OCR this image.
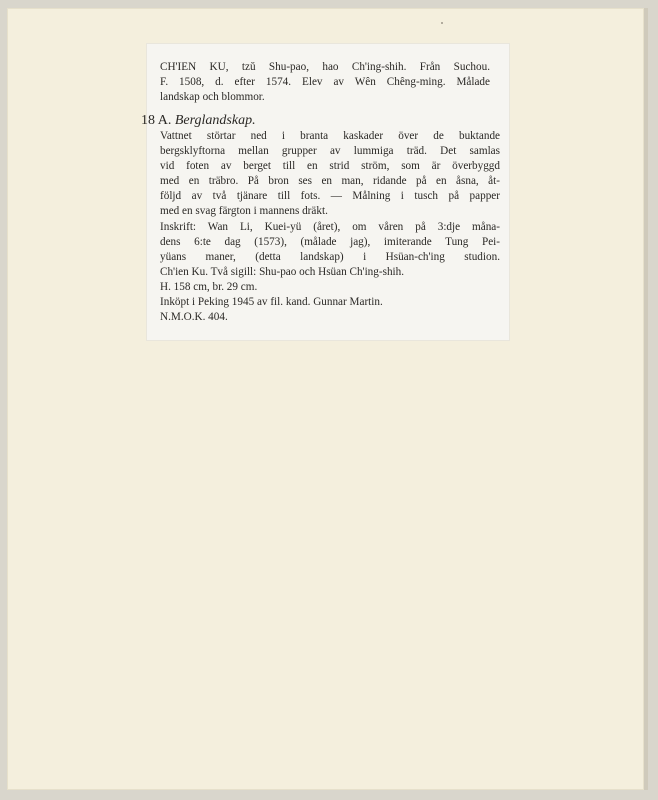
CH'IEN KU, tzŭ Shu-pao, hao Ch'ing-shih. Från Suchou.
F. 1508, d. efter 1574. Elev av Wên Chêng-ming. Målade
landskap och blommor.
18 A. Berglandskap.
Vattnet störtar ned i branta kaskader över de buktande
bergsklyftorna mellan grupper av lummiga träd. Det samlas
vid foten av berget till en strid ström, som är överbyggd
med en träbro. På bron ses en man, ridande på en åsna, åt-
följd av två tjänare till fots. — Målning i tusch på papper
med en svag färgton i mannens dräkt.
Inskrift: Wan Li, Kuei-yü (året), om våren på 3:dje måna-
dens 6:te dag (1573), (målade jag), imiterande Tung Pei-
yüans maner, (detta landskap) i Hsüan-ch'ing studion.
Ch'ien Ku. Två sigill: Shu-pao och Hsüan Ch'ing-shih.
H. 158 cm, br. 29 cm.
Inköpt i Peking 1945 av fil. kand. Gunnar Martin.
N.M.O.K. 404.
